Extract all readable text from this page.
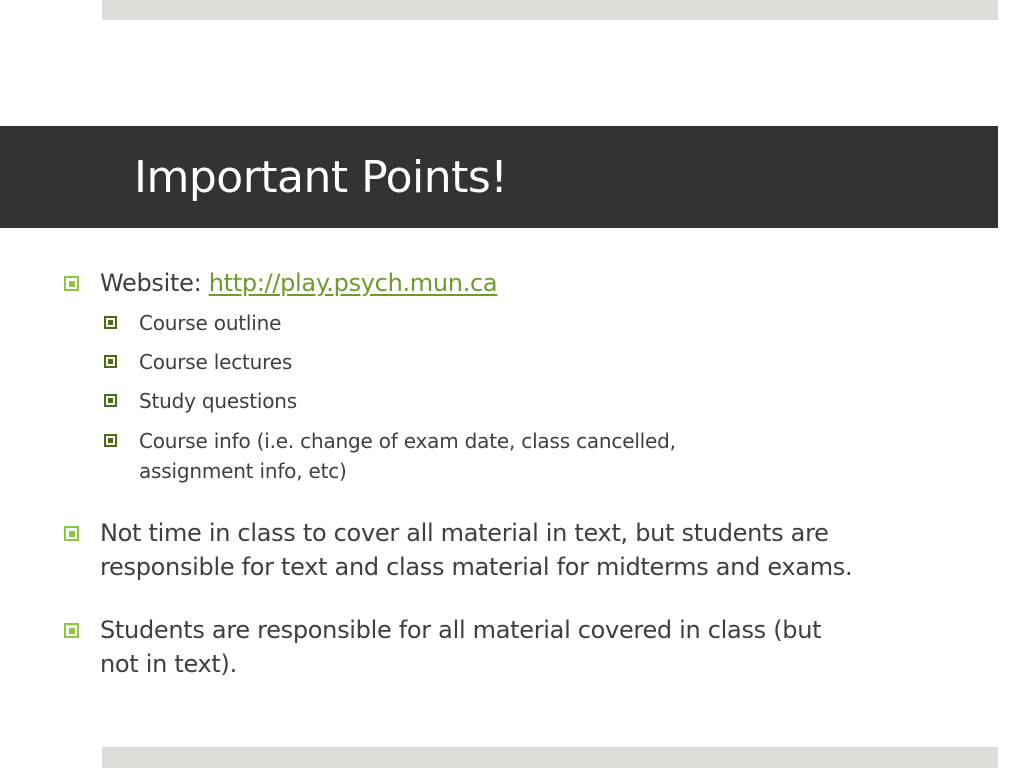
Important Points!
Website: http://play.psych.mun.ca
Course outline
Course lectures
Study questions
Course info (i.e. change of exam date, class cancelled,
assignment info, etc)
Not time in class to cover all material in text, but students are
responsible for text and class material for midterms and exams.
Students are responsible for all material covered in class (but
not in text).
